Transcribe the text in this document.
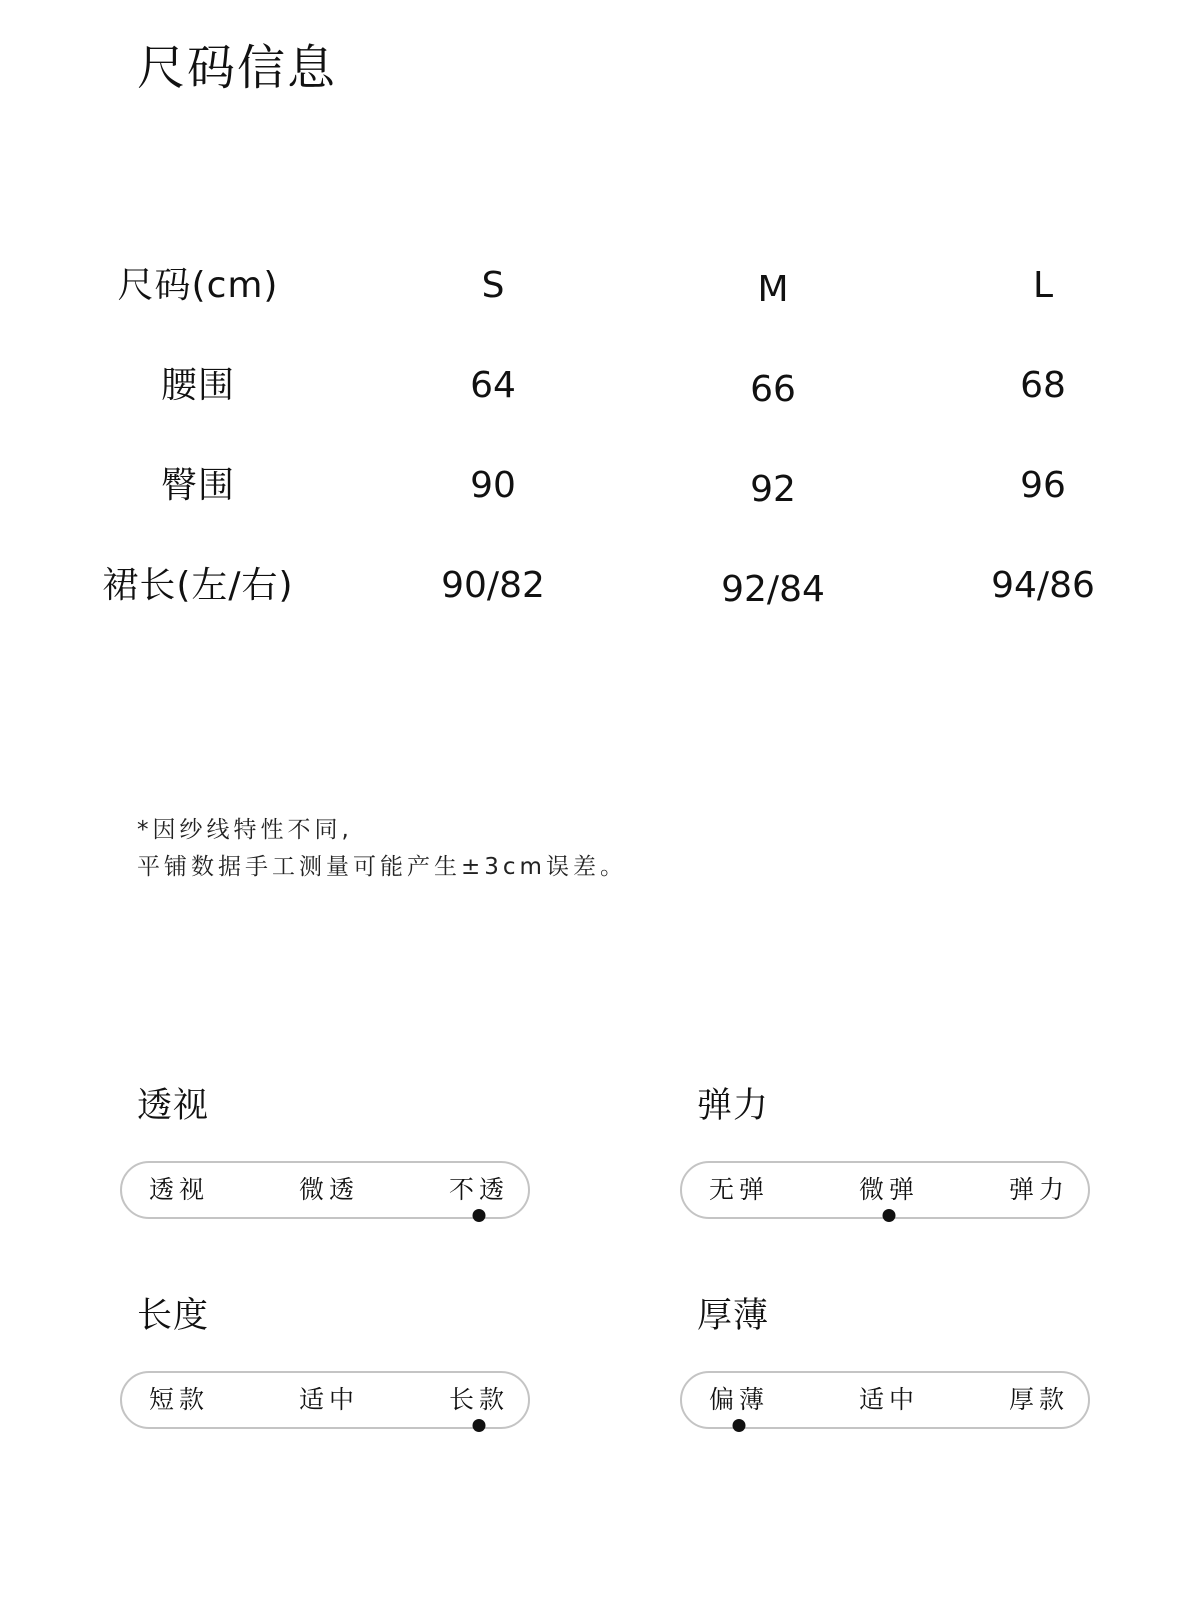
尺码信息
尺码(cm)	S	M	L
腰围	64	66	68
臀围	90	92	96
裙长(左/右)	90/82	92/84	94/86
*因纱线特性不同,
平铺数据手工测量可能产生±3cm误差。
透视
透视	微透	不透
弹力
无弹	微弹	弹力
长度
短款	适中	长款
厚薄
偏薄	适中	厚款
